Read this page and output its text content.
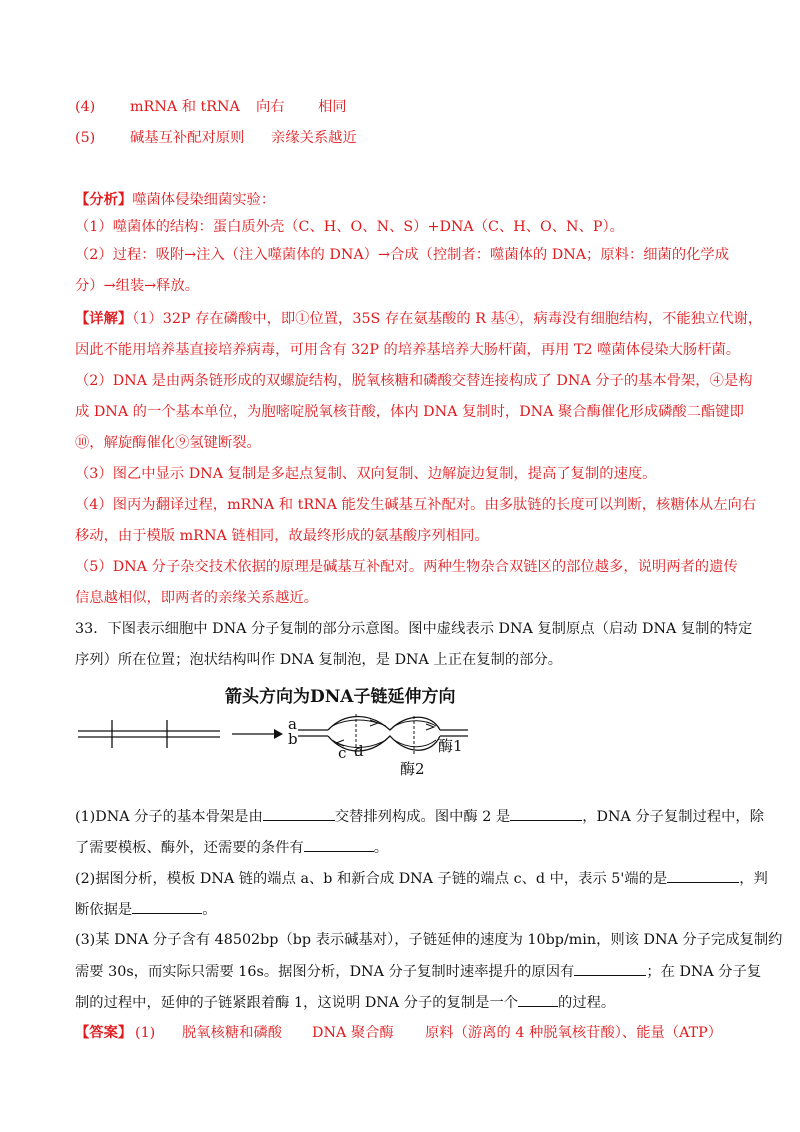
(4) mRNA 和 tRNA 向右 相同
(5) 碱基互补配对原则 亲缘关系越近
【分析】噬菌体侵染细菌实验：
（1）噬菌体的结构：蛋白质外壳（C、H、O、N、S）+DNA（C、H、O、N、P）。
（2）过程：吸附→注入（注入噬菌体的 DNA）→合成（控制者：噬菌体的 DNA；原料：细菌的化学成
分）→组装→释放。
【详解】（1）32P 存在磷酸中，即①位置，35S 存在氨基酸的 R 基④，病毒没有细胞结构，不能独立代谢，
因此不能用培养基直接培养病毒，可用含有 32P 的培养基培养大肠杆菌，再用 T2 噬菌体侵染大肠杆菌。
（2）DNA 是由两条链形成的双螺旋结构，脱氧核糖和磷酸交替连接构成了 DNA 分子的基本骨架，④是构
成 DNA 的一个基本单位，为胞嘧啶脱氧核苷酸，体内 DNA 复制时，DNA 聚合酶催化形成磷酸二酯键即
⑩，解旋酶催化⑨氢键断裂。
（3）图乙中显示 DNA 复制是多起点复制、双向复制、边解旋边复制，提高了复制的速度。
（4）图丙为翻译过程，mRNA 和 tRNA 能发生碱基互补配对。由多肽链的长度可以判断，核糖体从左向右
移动，由于模版 mRNA 链相同，故最终形成的氨基酸序列相同。
（5）DNA 分子杂交技术依据的原理是碱基互补配对。两种生物杂合双链区的部位越多，说明两者的遗传
信息越相似，即两者的亲缘关系越近。
33．下图表示细胞中 DNA 分子复制的部分示意图。图中虚线表示 DNA 复制原点（启动 DNA 复制的特定
序列）所在位置；泡状结构叫作 DNA 复制泡，是 DNA 上正在复制的部分。
箭头方向为DNA子链延伸方向
a
b
c d	酶1
酶2
(1)DNA 分子的基本骨架是由	交替排列构成。图中酶 2 是	，DNA 分子复制过程中，除
了需要模板、酶外，还需要的条件有	。
(2)据图分析，模板 DNA 链的端点 a、b 和新合成 DNA 子链的端点 c、d 中，表示 5'端的是	，判
断依据是	。
(3)某 DNA 分子含有 48502bp（bp 表示碱基对），子链延伸的速度为 10bp/min，则该 DNA 分子完成复制约
需要 30s，而实际只需要 16s。据图分析，DNA 分子复制时速率提升的原因有	；在 DNA 分子复
制的过程中，延伸的子链紧跟着酶 1，这说明 DNA 分子的复制是一个	的过程。
【答案】 (1) 脱氧核糖和磷酸 DNA 聚合酶 原料（游离的 4 种脱氧核苷酸）、能量（ATP）
